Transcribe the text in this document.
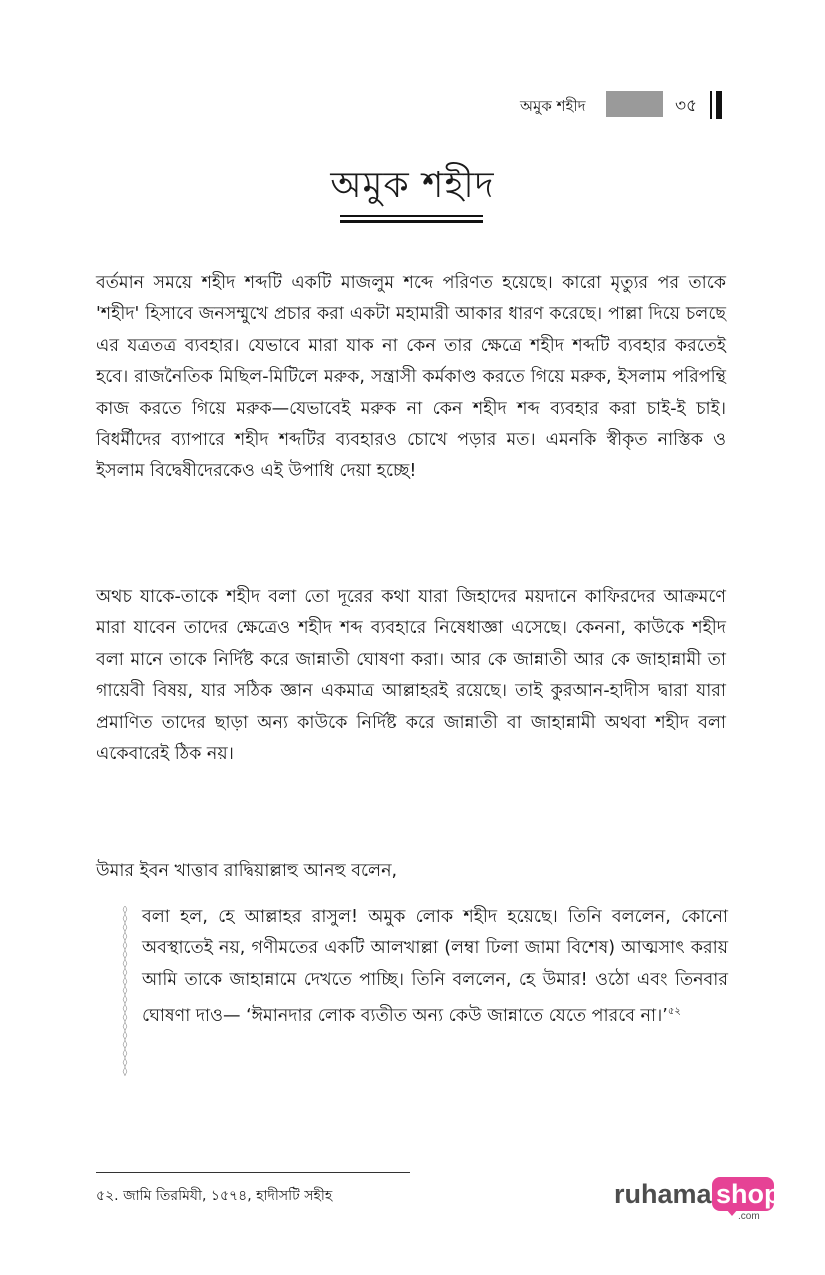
অমুক শহীদ	৩৫
অমুক শহীদ

বর্তমান সময়ে শহীদ শব্দটি একটি মাজলুম শব্দে পরিণত হয়েছে। কারো মৃত্যুর পর তাকে 'শহীদ' হিসাবে জনসম্মুখে প্রচার করা একটা মহামারী আকার ধারণ করেছে। পাল্লা দিয়ে চলছে এর যত্রতত্র ব্যবহার। যেভাবে মারা যাক না কেন তার ক্ষেত্রে শহীদ শব্দটি ব্যবহার করতেই হবে। রাজনৈতিক মিছিল-মিটিলে মরুক, সন্ত্রাসী কর্মকাণ্ড করতে গিয়ে মরুক, ইসলাম পরিপন্থি কাজ করতে গিয়ে মরুক—যেভাবেই মরুক না কেন শহীদ শব্দ ব্যবহার করা চাই-ই চাই। বিধর্মীদের ব্যাপারে শহীদ শব্দটির ব্যবহারও চোখে পড়ার মত। এমনকি স্বীকৃত নাস্তিক ও ইসলাম বিদ্বেষীদেরকেও এই উপাধি দেয়া হচ্ছে!

অথচ যাকে-তাকে শহীদ বলা তো দূরের কথা যারা জিহাদের ময়দানে কাফিরদের আক্রমণে মারা যাবেন তাদের ক্ষেত্রেও শহীদ শব্দ ব্যবহারে নিষেধাজ্ঞা এসেছে। কেননা, কাউকে শহীদ বলা মানে তাকে নির্দিষ্ট করে জান্নাতী ঘোষণা করা। আর কে জান্নাতী আর কে জাহান্নামী তা গায়েবী বিষয়, যার সঠিক জ্ঞান একমাত্র আল্লাহরই রয়েছে। তাই কুরআন-হাদীস দ্বারা যারা প্রমাণিত তাদের ছাড়া অন্য কাউকে নির্দিষ্ট করে জান্নাতী বা জাহান্নামী অথবা শহীদ বলা একেবারেই ঠিক নয়।

উমার ইবন খাত্তাব রাদ্বিয়াল্লাহু আনহু বলেন,

◊
◊
◊
◊
◊
◊
◊
◊
◊
◊
◊
◊
◊
◊
◊
◊
◊
◊
◊
বলা হল, হে আল্লাহর রাসুল! অমুক লোক শহীদ হয়েছে। তিনি বললেন, কোনো অবস্থাতেই নয়, গণীমতের একটি আলখাল্লা (লম্বা ঢিলা জামা বিশেষ) আত্মসাৎ করায় আমি তাকে জাহান্নামে দেখতে পাচ্ছি। তিনি বললেন, হে উমার! ওঠো এবং তিনবার ঘোষণা দাও— ‘ঈমানদার লোক ব্যতীত অন্য কেউ জান্নাতে যেতে পারবে না।’$^{৫২}$
৫২. জামি তিরমিযী, ১৫৭৪, হাদীসটি সহীহ	ruhama shop
.com
